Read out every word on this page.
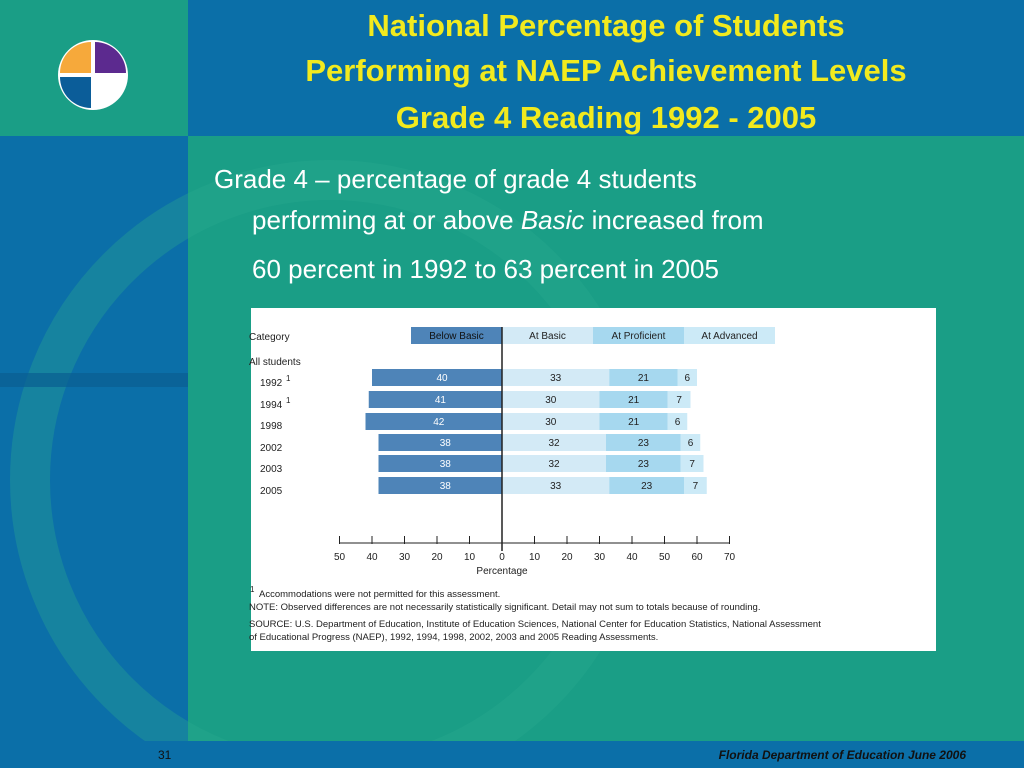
National Percentage of Students
Performing at NAEP Achievement Levels
Grade 4 Reading 1992 - 2005
Grade 4 – percentage of grade 4 students
performing at or above Basic increased from
60 percent in 1992 to 63 percent in 2005
Category	Below Basic	At Basic	At Proficient	At Advanced
All students
1992 1	40	33	21	6
1994 1	41	30	21	7
1998	42	30	21	6
2002	38	32	23	6
2003	38	32	23	7
2005	38	33	23	7
50 40 30 20 10 0 10 20 30 40 50 60 70
Percentage
1 Accommodations were not permitted for this assessment.
NOTE: Observed differences are not necessarily statistically significant. Detail may not sum to totals because of rounding.
SOURCE: U.S. Department of Education, Institute of Education Sciences, National Center for Education Statistics, National Assessment
of Educational Progress (NAEP), 1992, 1994, 1998, 2002, 2003 and 2005 Reading Assessments.
31	Florida Department of Education June 2006
